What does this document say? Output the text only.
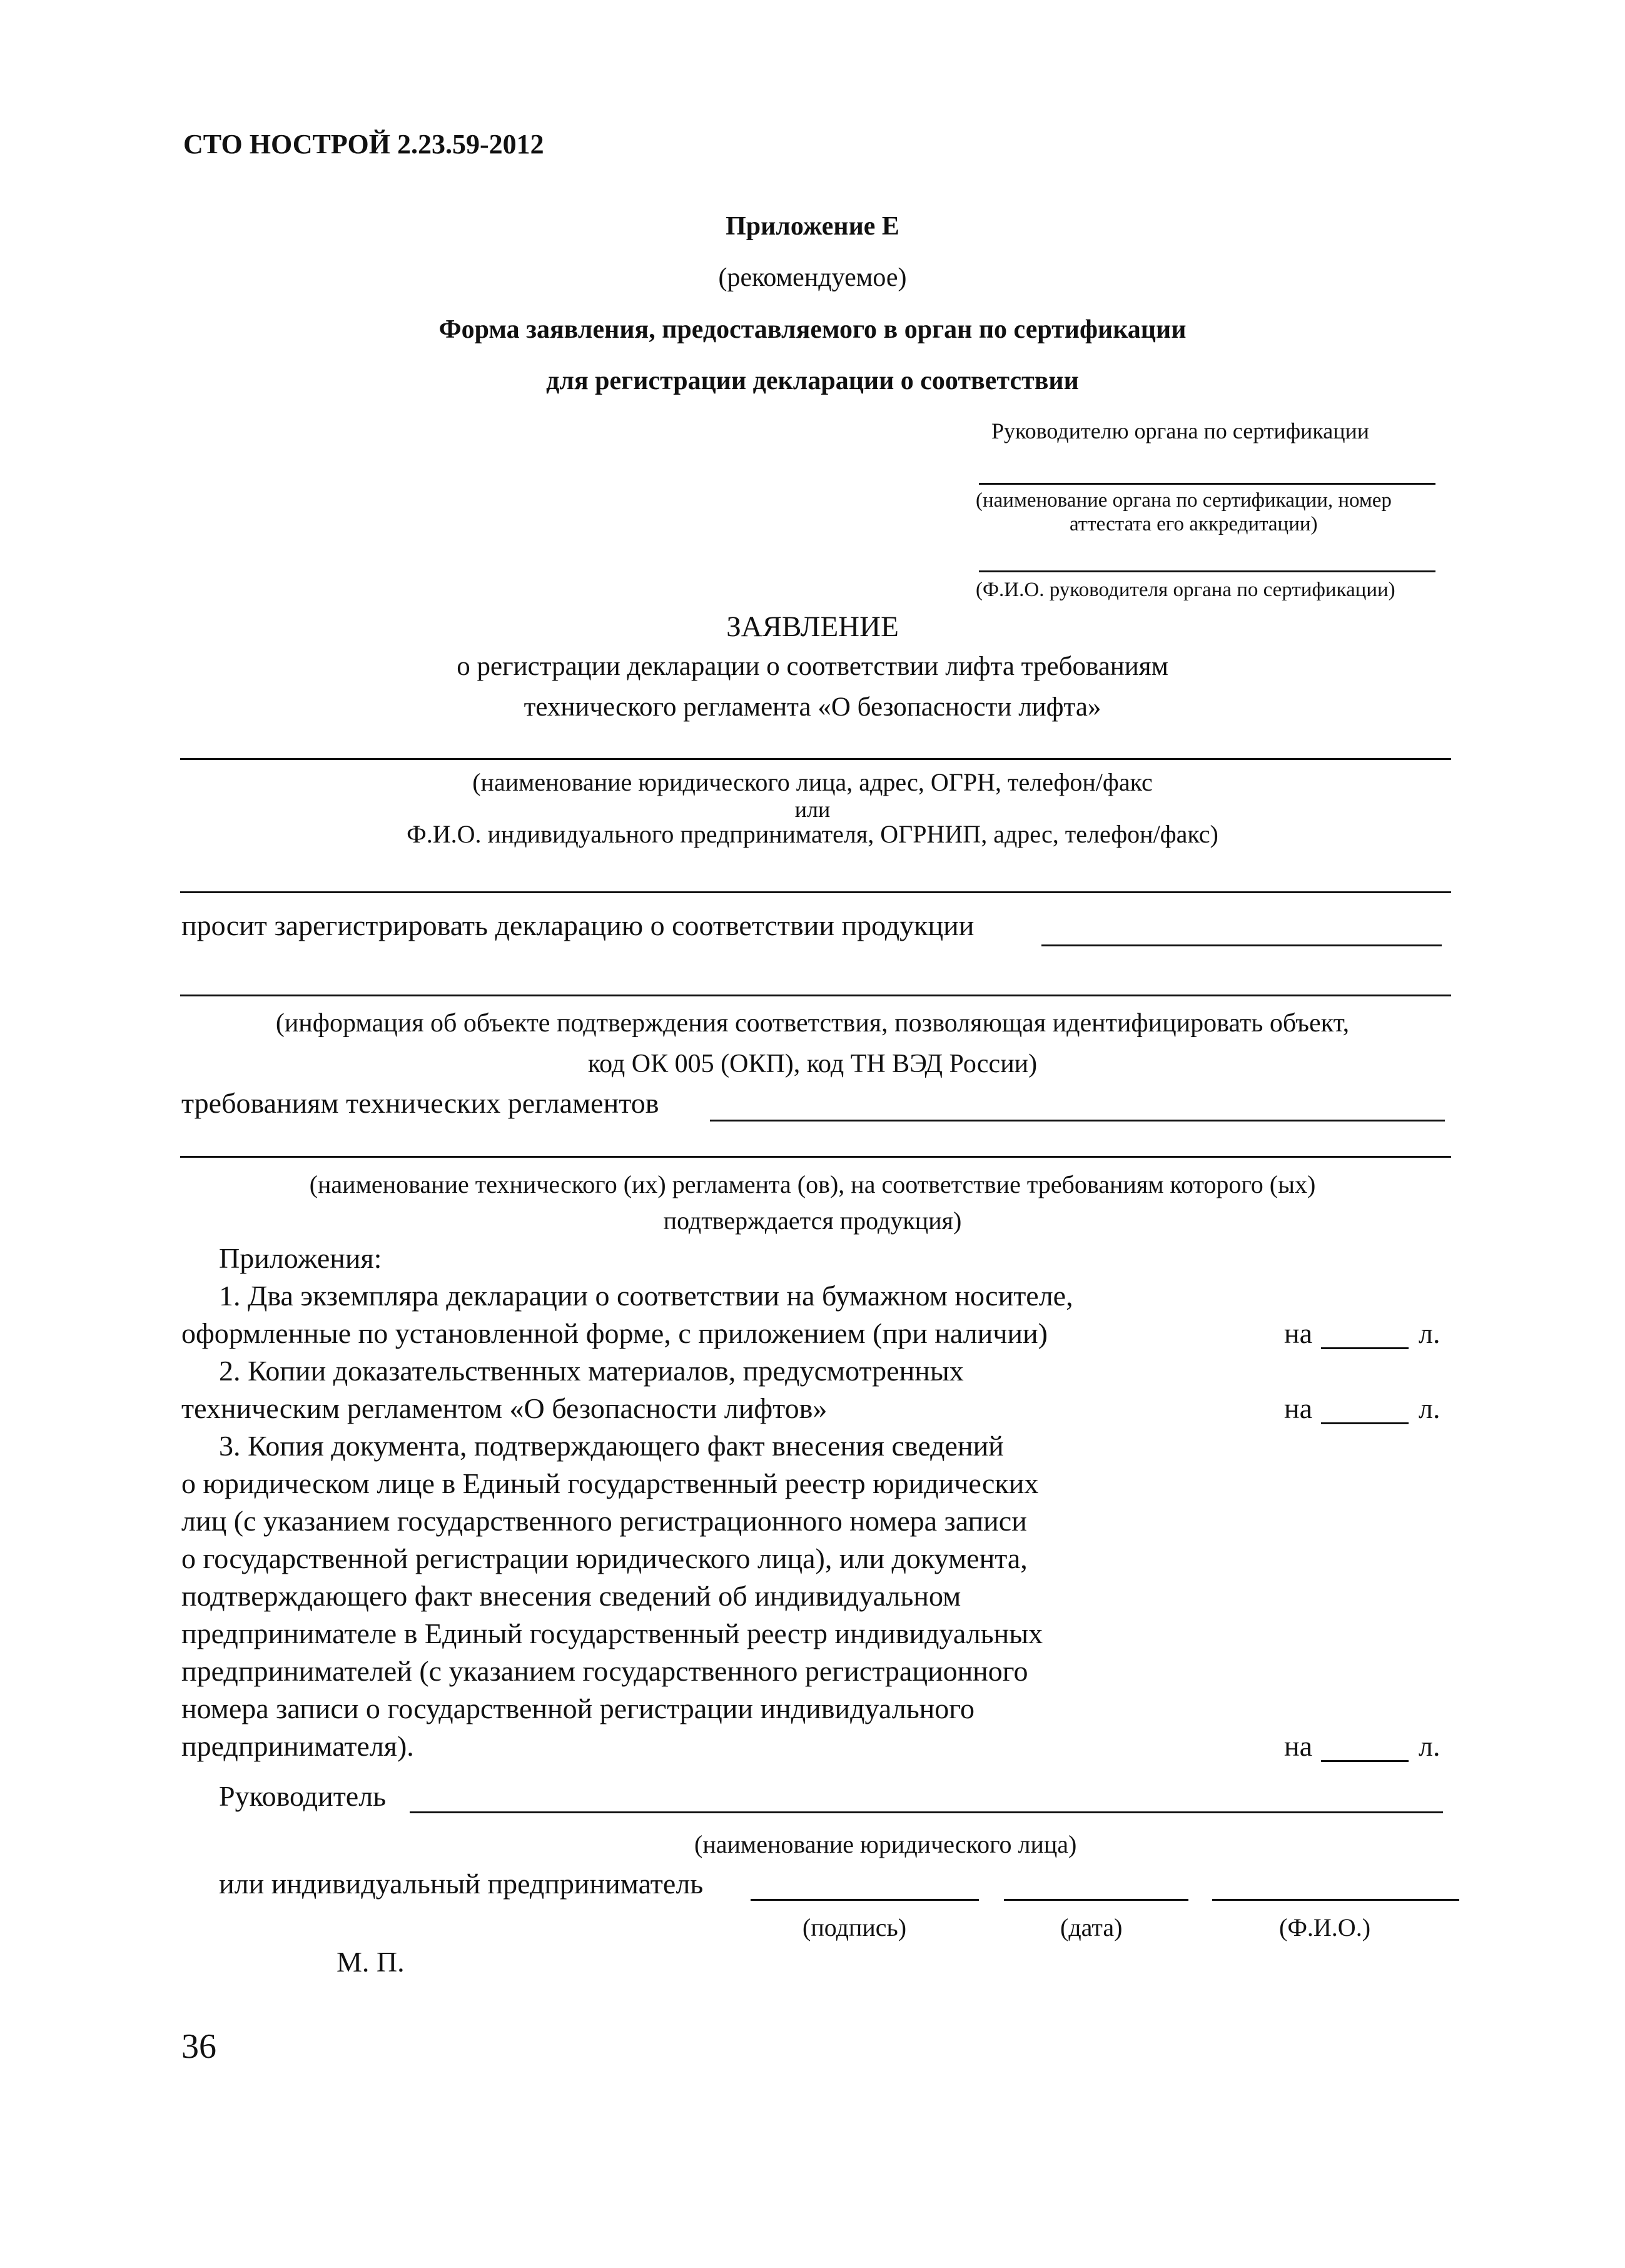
СТО НОСТРОЙ 2.23.59-2012
Приложение Е
(рекомендуемое)
Форма заявления, предоставляемого в орган по сертификации
для регистрации декларации о соответствии
Руководителю органа по сертификации
(наименование органа по сертификации, номер
аттестата его аккредитации)
(Ф.И.О. руководителя органа по сертификации)
ЗАЯВЛЕНИЕ
о регистрации декларации о соответствии лифта требованиям
технического регламента «О безопасности лифта»
(наименование юридического лица, адрес, ОГРН, телефон/факс
или
Ф.И.О. индивидуального предпринимателя, ОГРНИП, адрес, телефон/факс)
просит зарегистрировать декларацию о соответствии продукции
(информация об объекте подтверждения соответствия, позволяющая идентифицировать объект,
код ОК 005 (ОКП), код ТН ВЭД России)
требованиям технических регламентов
(наименование технического (их) регламента (ов), на соответствие требованиям которого (ых)
подтверждается продукция)
Приложения:
1. Два экземпляра декларации о соответствии на бумажном носителе,
оформленные по установленной форме, с приложением (при наличии)	на	л.
2. Копии доказательственных материалов, предусмотренных
техническим регламентом «О безопасности лифтов»	на	л.
3. Копия документа, подтверждающего факт внесения сведений
о юридическом лице в Единый государственный реестр юридических
лиц (с указанием государственного регистрационного номера записи
о государственной регистрации юридического лица), или документа,
подтверждающего факт внесения сведений об индивидуальном
предпринимателе в Единый государственный реестр индивидуальных
предпринимателей (с указанием государственного регистрационного
номера записи о государственной регистрации индивидуального
предпринимателя).	на	л.
Руководитель
(наименование юридического лица)
или индивидуальный предприниматель
(подпись)	(дата)	(Ф.И.О.)
М. П.
36
